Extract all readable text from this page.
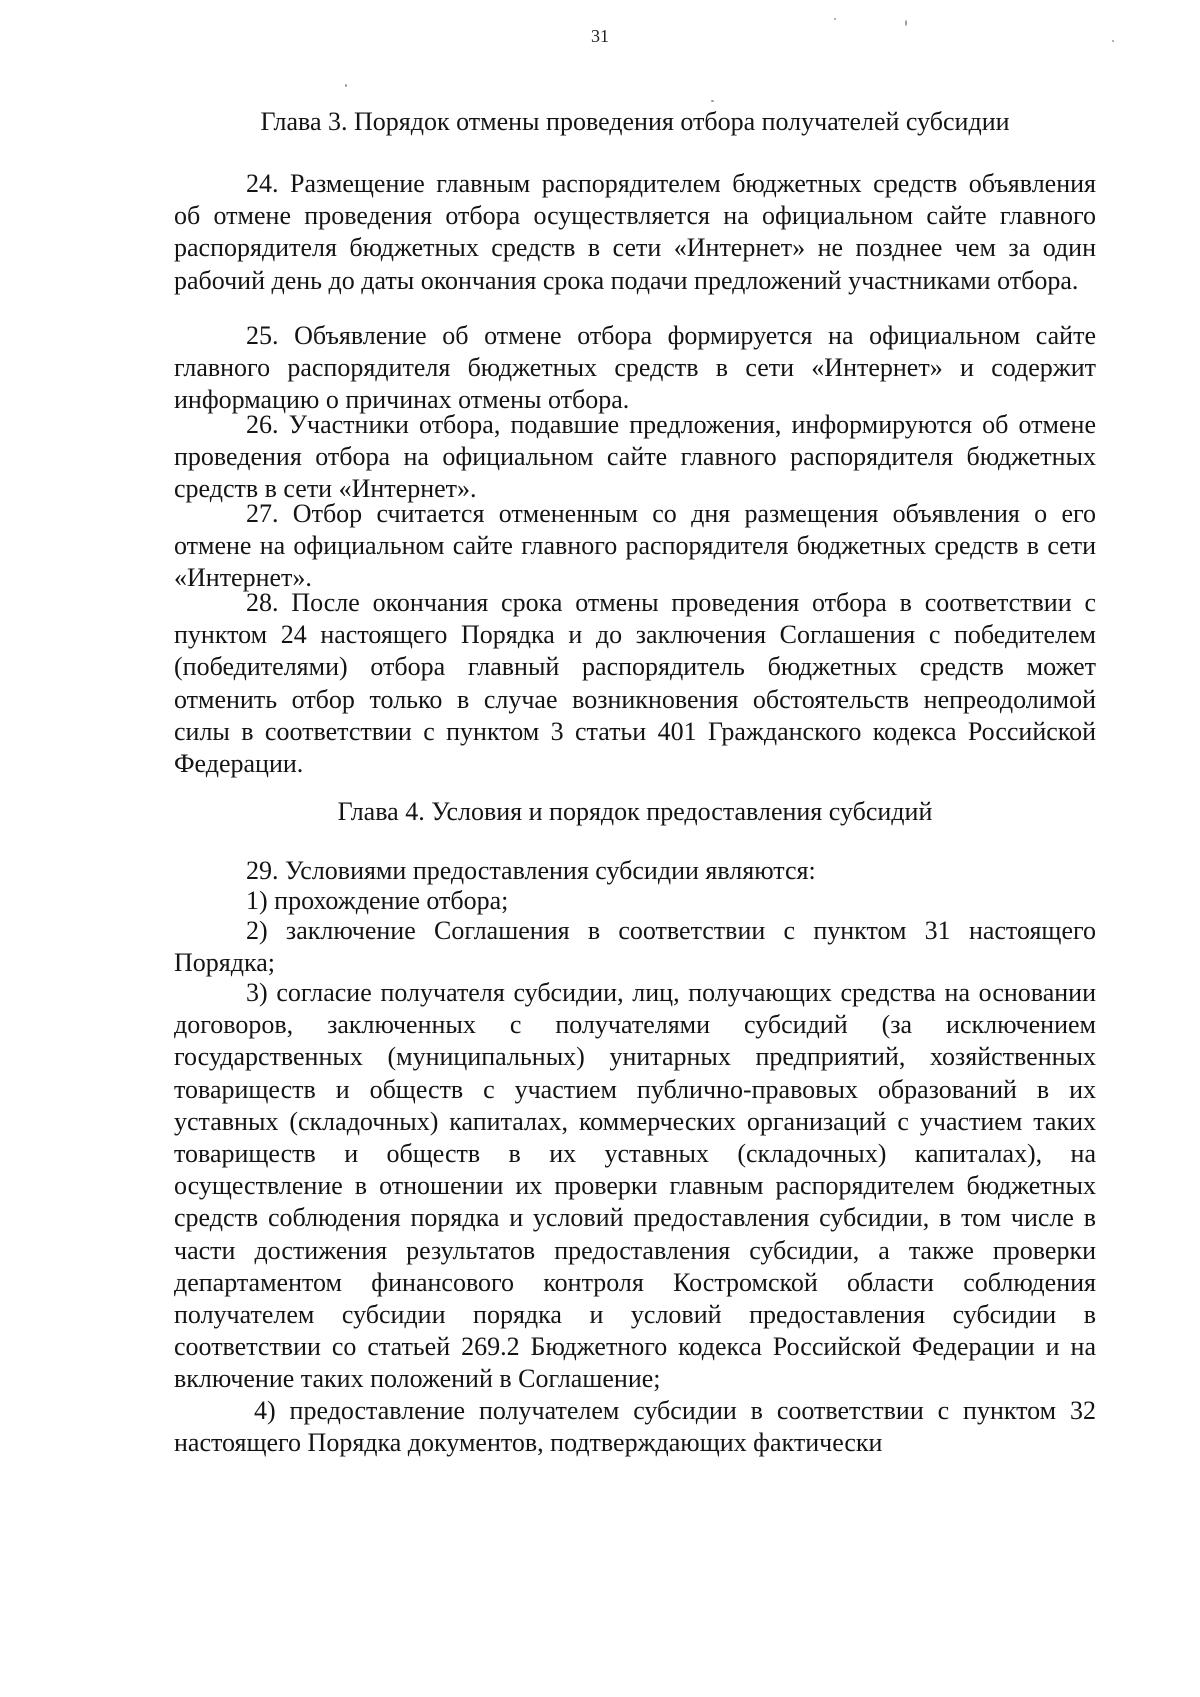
31
Глава 3. Порядок отмены проведения отбора получателей субсидии

24. Размещение главным распорядителем бюджетных средств объявления об отмене проведения отбора осуществляется на официальном сайте главного распорядителя бюджетных средств в сети «Интернет» не позднее чем за один рабочий день до даты окончания срока подачи предложений участниками отбора.

25. Объявление об отмене отбора формируется на официальном сайте главного распорядителя бюджетных средств в сети «Интернет» и содержит информацию о причинах отмены отбора.

26. Участники отбора, подавшие предложения, информируются об отмене проведения отбора на официальном сайте главного распорядителя бюджетных средств в сети «Интернет».

27. Отбор считается отмененным со дня размещения объявления о его отмене на официальном сайте главного распорядителя бюджетных средств в сети «Интернет».

28. После окончания срока отмены проведения отбора в соответствии с пунктом 24 настоящего Порядка и до заключения Соглашения с победителем (победителями) отбора главный распорядитель бюджетных средств может отменить отбор только в случае возникновения обстоятельств непреодолимой силы в соответствии с пунктом 3 статьи 401 Гражданского кодекса Российской Федерации.

Глава 4. Условия и порядок предоставления субсидий

29. Условиями предоставления субсидии являются:

1) прохождение отбора;

2) заключение Соглашения в соответствии с пунктом 31 настоящего Порядка;

3) согласие получателя субсидии, лиц, получающих средства на основании договоров, заключенных с получателями субсидий (за исключением государственных (муниципальных) унитарных предприятий, хозяйственных товариществ и обществ с участием публично-правовых образований в их уставных (складочных) капиталах, коммерческих организаций с участием таких товариществ и обществ в их уставных (складочных) капиталах), на осуществление в отношении их проверки главным распорядителем бюджетных средств соблюдения порядка и условий предоставления субсидии, в том числе в части достижения результатов предоставления субсидии, а также проверки департаментом финансового контроля Костромской области соблюдения получателем субсидии порядка и условий предоставления субсидии в соответствии со статьей 269.2 Бюджетного кодекса Российской Федерации и на включение таких положений в Соглашение;

4) предоставление получателем субсидии в соответствии с пунктом 32 настоящего Порядка документов, подтверждающих фактически
